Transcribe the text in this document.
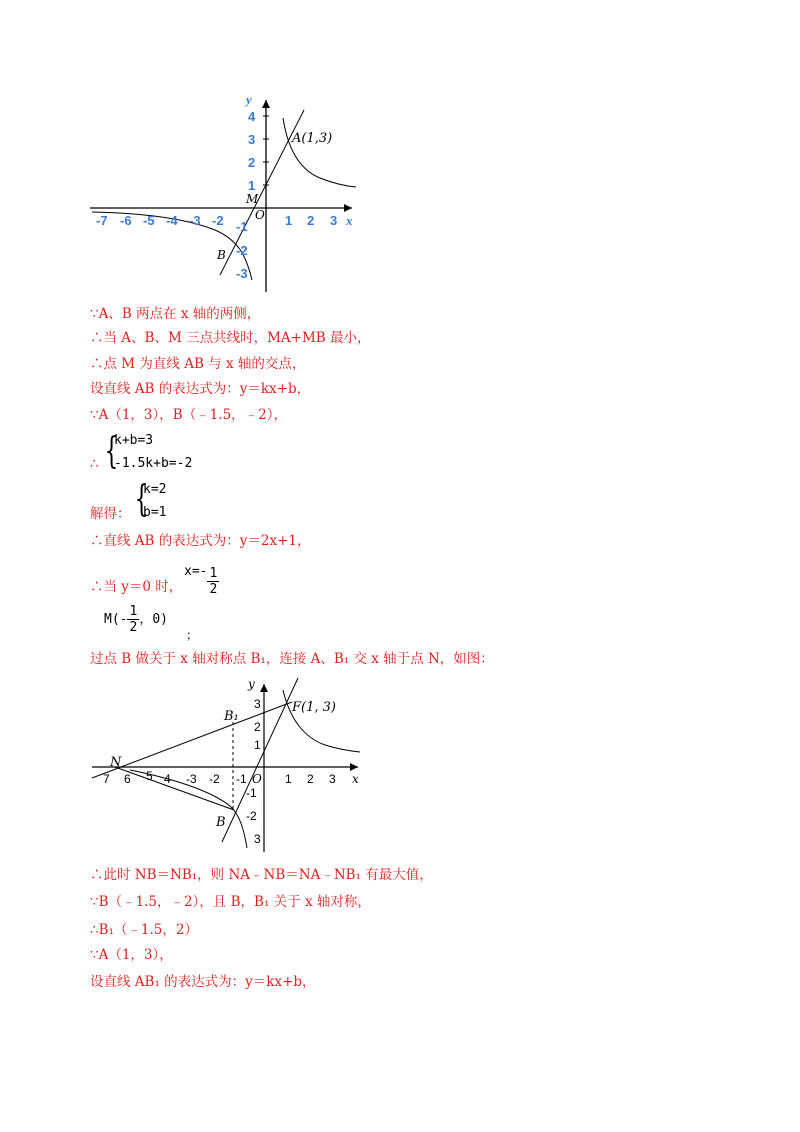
y
x
-7 -6 -5 -4 -3 -2 -1	1 2 3
4
3
2
1
-2
-3
O
A(1,3)
B
M
∵A、B 两点在 x 轴的两侧，
∴当 A、B、M 三点共线时，MA+MB 最小，
∴点 M 为直线 AB 与 x 轴的交点，
设直线 AB 的表达式为：y＝kx+b，
∵A（1，3），B（﹣1.5，﹣2），
∴ {
k+b=3
-1.5k+b=-2
解得： {
k=2
b=1
∴直线 AB 的表达式为：y＝2x+1，
∴当 y＝0 时，
$x=- \frac{1}{2}$
$M(- \frac{1}{2}$ ，0)
；
过点 B 做关于 x 轴对称点 B₁，连接 A、B₁ 交 x 轴于点 N，如图：
y
x
7 6 5 4 -3 -2 -1	1 2 3
3
2
1
-1
-2
3
O
F(1, 3)
B₁
B
N
∴此时 NB＝NB₁，则 NA﹣NB＝NA﹣NB₁ 有最大值，
∵B（﹣1.5，﹣2），且 B，B₁ 关于 x 轴对称，
∴B₁（﹣1.5，2）
∵A（1，3），
设直线 AB₁ 的表达式为：y＝kx+b，
